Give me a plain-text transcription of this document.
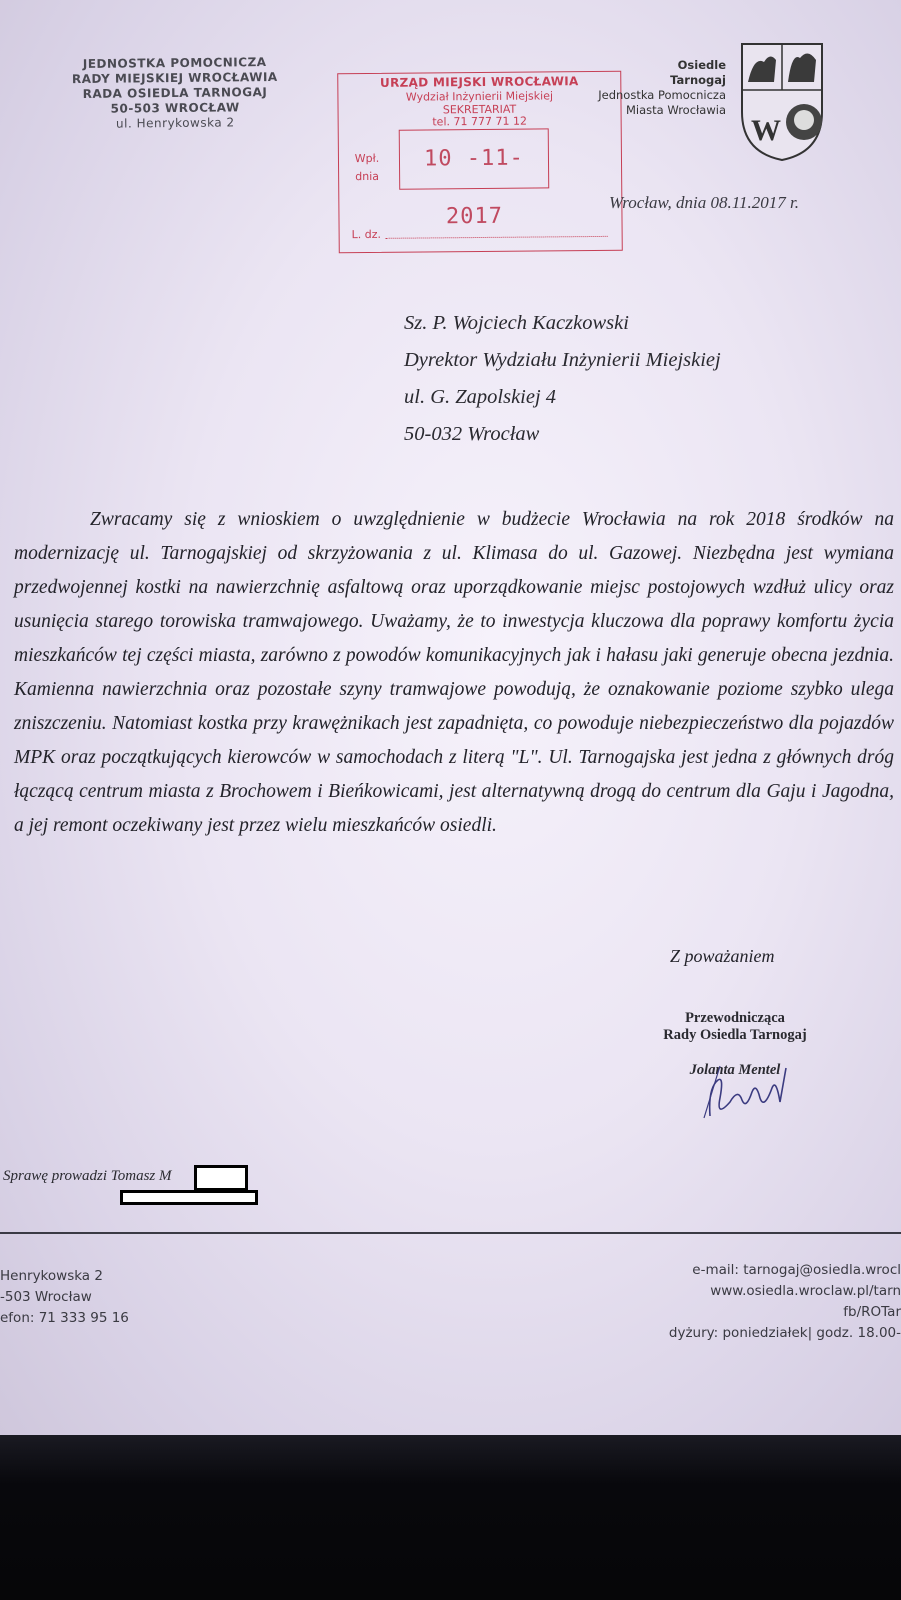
JEDNOSTKA POMOCNICZA
RADY MIEJSKIEJ WROCŁAWIA
RADA OSIEDLA TARNOGAJ
50-503 WROCŁAW
ul. Henrykowska 2
URZĄD MIEJSKI WROCŁAWIA
Wydział Inżynierii Miejskiej
SEKRETARIAT
tel. 71 777 71 12
Wpł.
dnia
10 -11- 2017
L. dz.
Osiedle
Tarnogaj
Jednostka Pomocnicza
Miasta Wrocławia
W
Wrocław, dnia 08.11.2017 r.
Sz. P. Wojciech Kaczkowski
Dyrektor Wydziału Inżynierii Miejskiej
ul. G. Zapolskiej 4
50-032 Wrocław
Zwracamy się z wnioskiem o uwzględnienie w budżecie Wrocławia na rok 2018 środków na modernizację ul. Tarnogajskiej od skrzyżowania z ul. Klimasa do ul. Gazowej. Niezbędna jest wymiana przedwojennej kostki na nawierzchnię asfaltową oraz uporządkowanie miejsc postojowych wzdłuż ulicy oraz usunięcia starego torowiska tramwajowego. Uważamy, że to inwestycja kluczowa dla poprawy komfortu życia mieszkańców tej części miasta, zarówno z powodów komunikacyjnych jak i hałasu jaki generuje obecna jezdnia. Kamienna nawierzchnia oraz pozostałe szyny tramwajowe powodują, że oznakowanie poziome szybko ulega zniszczeniu. Natomiast kostka przy krawężnikach jest zapadnięta, co powoduje niebezpieczeństwo dla pojazdów MPK oraz początkujących kierowców w samochodach z literą "L". Ul. Tarnogajska jest jedna z głównych dróg łączącą centrum miasta z Brochowem i Bieńkowicami, jest alternatywną drogą do centrum dla Gaju i Jagodna, a jej remont oczekiwany jest przez wielu mieszkańców osiedli.
Z poważaniem
Przewodnicząca
Rady Osiedla Tarnogaj
Jolanta Mentel
Sprawę prowadzi Tomasz M
Henrykowska 2
-503 Wrocław
efon: 71 333 95 16
e-mail: tarnogaj@osiedla.wrocl
www.osiedla.wroclaw.pl/tarn
fb/ROTar
dyżury: poniedziałek| godz. 18.00-
